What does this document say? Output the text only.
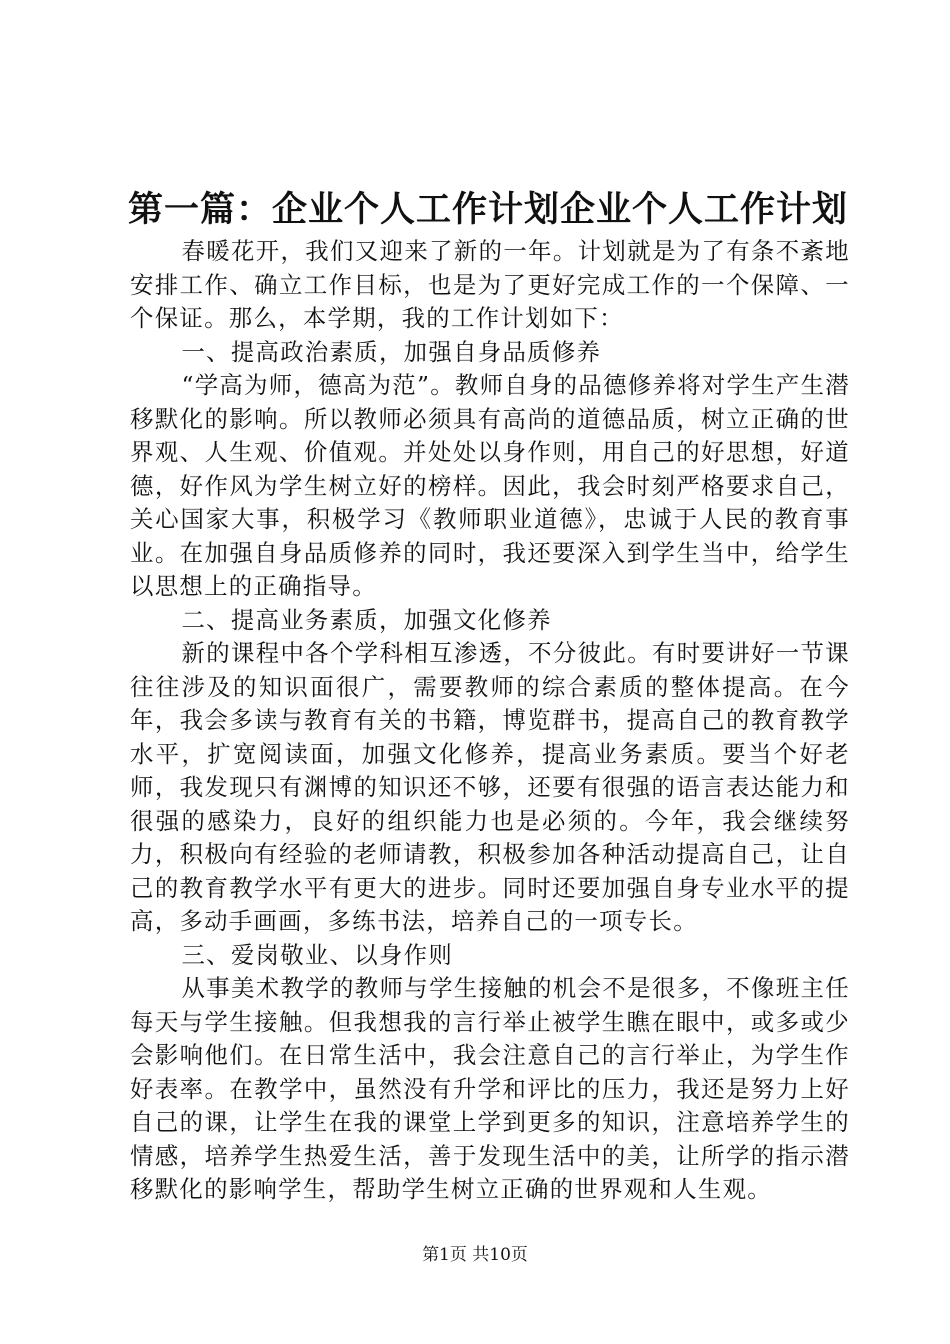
第一篇：企业个人工作计划企业个人工作计划

春暖花开，我们又迎来了新的一年。计划就是为了有条不紊地安排工作、确立工作目标，也是为了更好完成工作的一个保障、一个保证。那么，本学期，我的工作计划如下：

一、提高政治素质，加强自身品质修养

“学高为师，德高为范”。教师自身的品德修养将对学生产生潜移默化的影响。所以教师必须具有高尚的道德品质，树立正确的世界观、人生观、价值观。并处处以身作则，用自己的好思想，好道德，好作风为学生树立好的榜样。因此，我会时刻严格要求自己，关心国家大事，积极学习《教师职业道德》，忠诚于人民的教育事业。在加强自身品质修养的同时，我还要深入到学生当中，给学生以思想上的正确指导。

二、提高业务素质，加强文化修养

新的课程中各个学科相互渗透，不分彼此。有时要讲好一节课往往涉及的知识面很广，需要教师的综合素质的整体提高。在今年，我会多读与教育有关的书籍，博览群书，提高自己的教育教学水平，扩宽阅读面，加强文化修养，提高业务素质。要当个好老师，我发现只有渊博的知识还不够，还要有很强的语言表达能力和很强的感染力，良好的组织能力也是必须的。今年，我会继续努力，积极向有经验的老师请教，积极参加各种活动提高自己，让自己的教育教学水平有更大的进步。同时还要加强自身专业水平的提高，多动手画画，多练书法，培养自己的一项专长。

三、爱岗敬业、以身作则

从事美术教学的教师与学生接触的机会不是很多，不像班主任每天与学生接触。但我想我的言行举止被学生瞧在眼中，或多或少会影响他们。在日常生活中，我会注意自己的言行举止，为学生作好表率。在教学中，虽然没有升学和评比的压力，我还是努力上好自己的课，让学生在我的课堂上学到更多的知识，注意培养学生的情感，培养学生热爱生活，善于发现生活中的美，让所学的指示潜移默化的影响学生，帮助学生树立正确的世界观和人生观。

第1页 共10页
